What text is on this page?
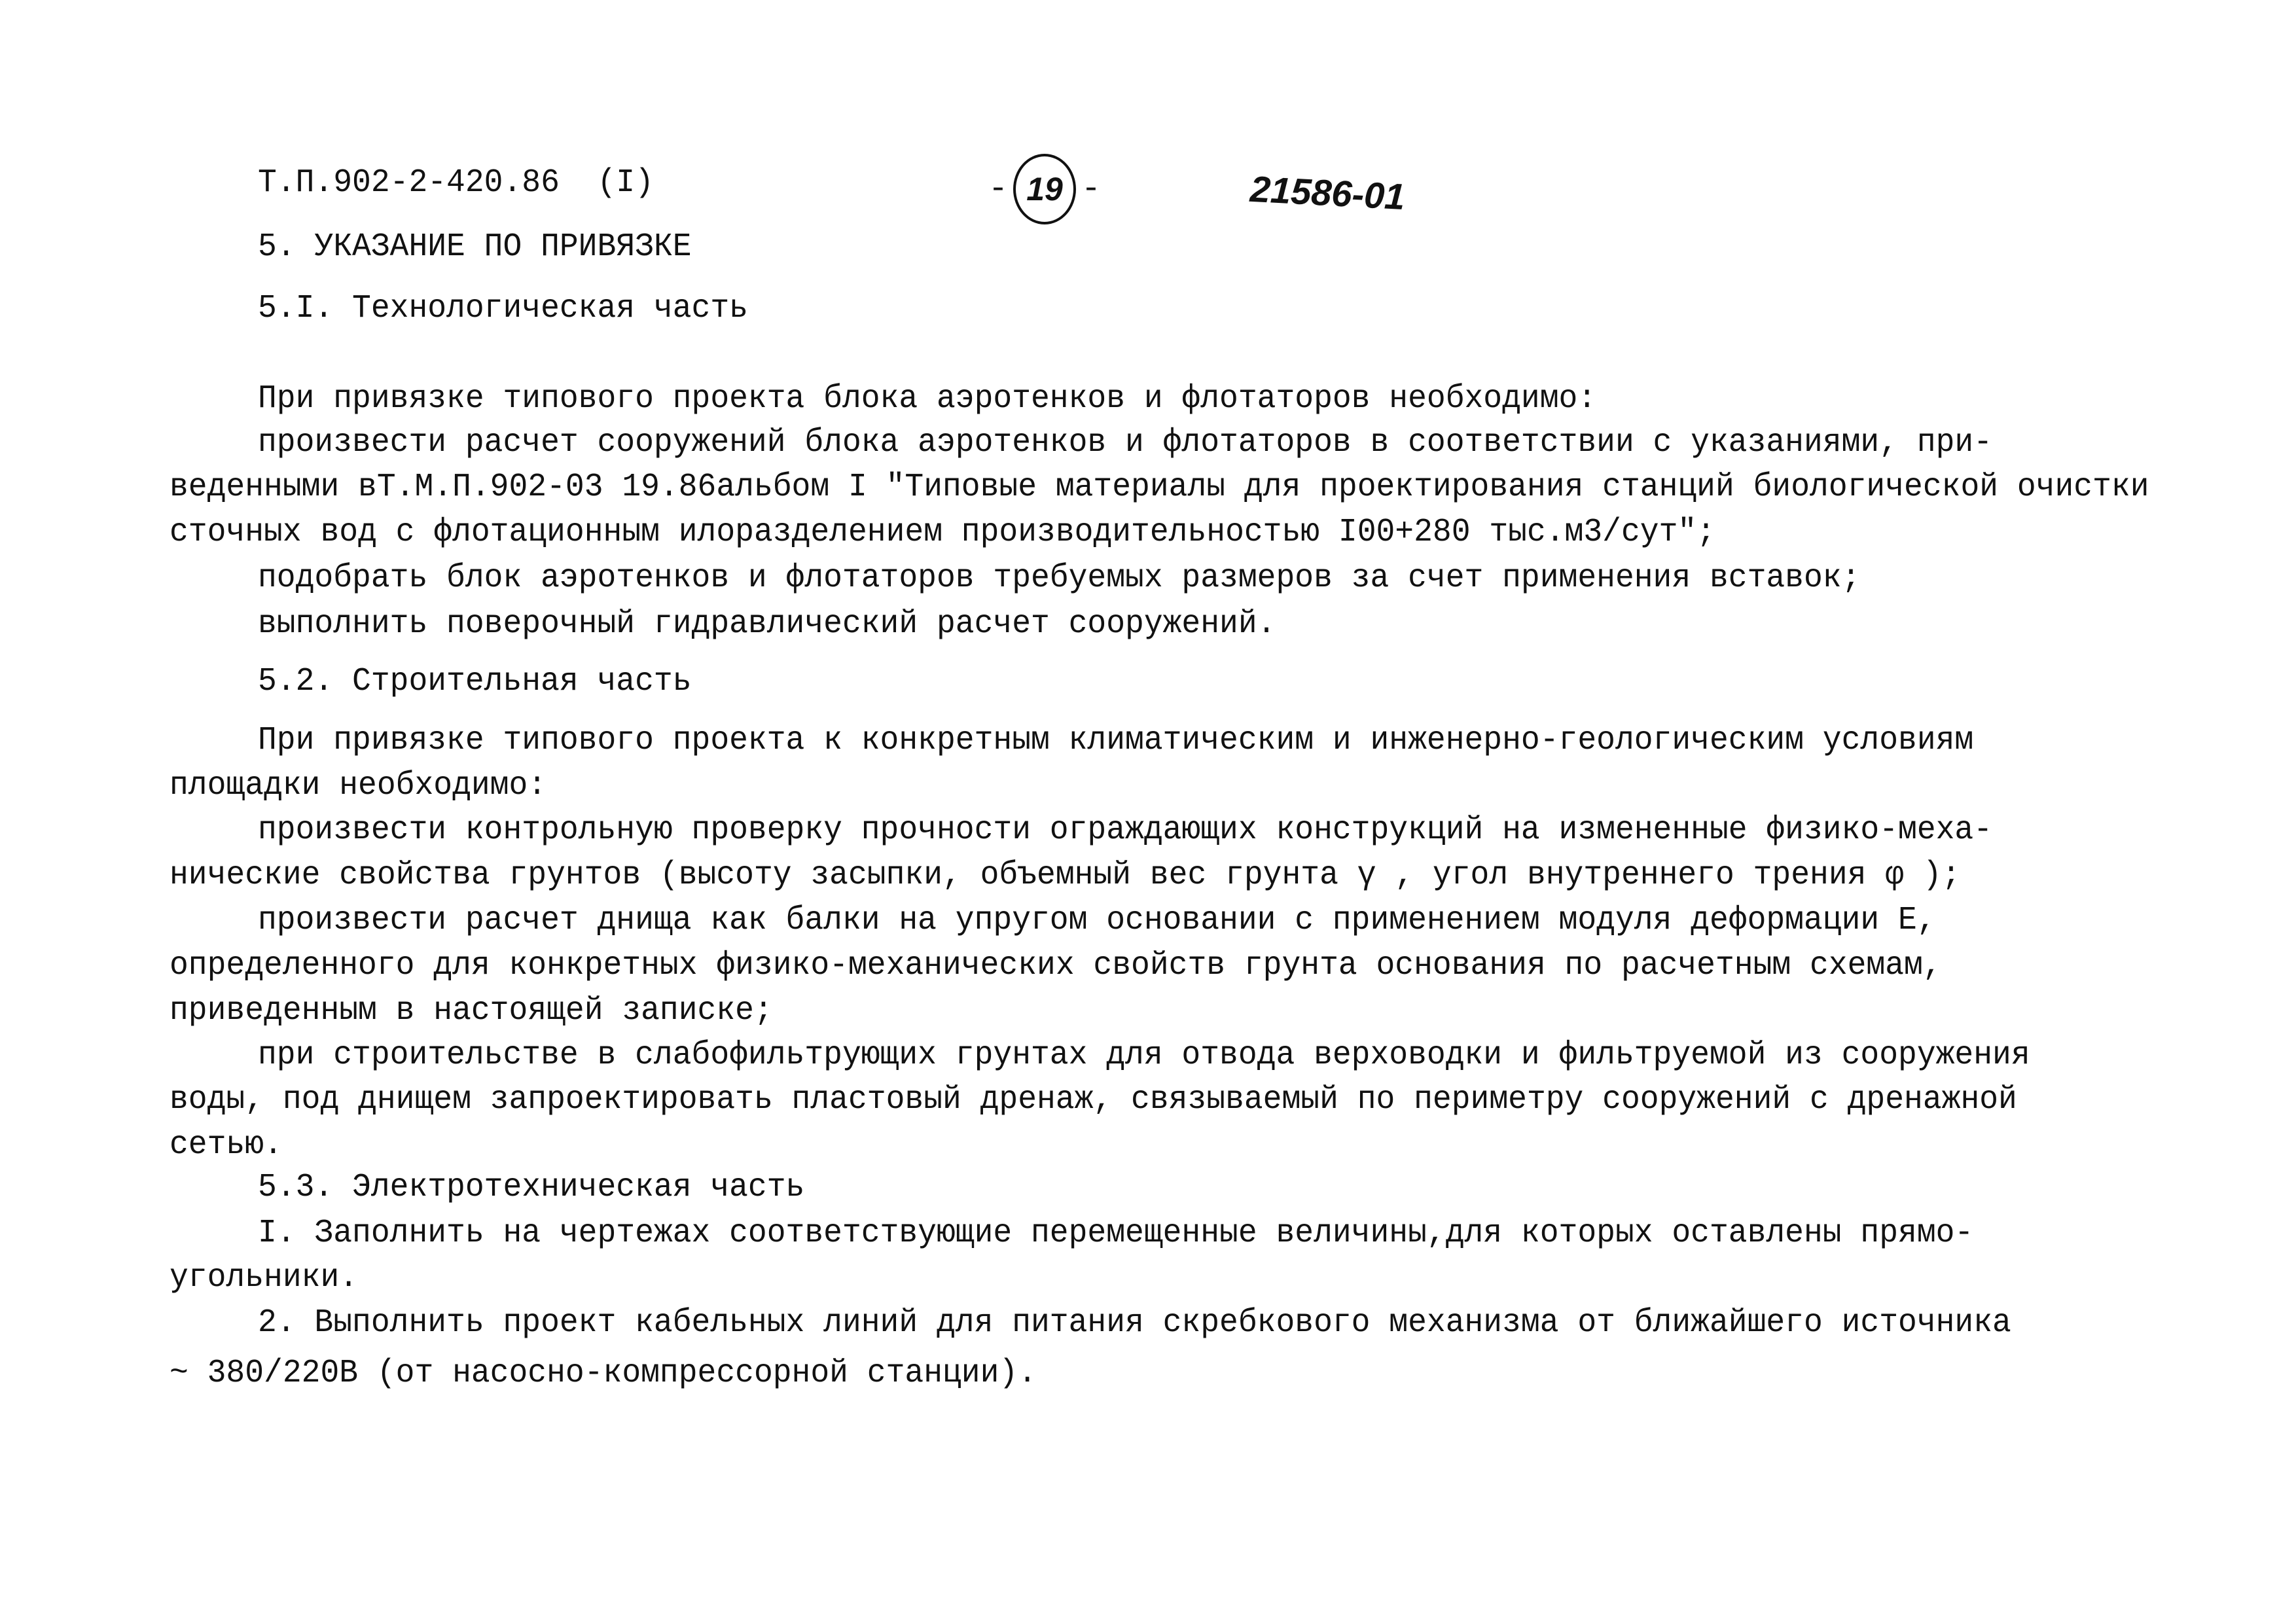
Т.П.902-2-420.86 (I)	- 19 -	21586-01
5. УКАЗАНИЕ ПО ПРИВЯЗКЕ
5.I. Технологическая часть
При привязке типового проекта блока аэротенков и флотаторов необходимо:
произвести расчет сооружений блока аэротенков и флотаторов в соответствии с указаниями, при-
веденными вТ.М.П.902-03 19.86альбом I "Типовые материалы для проектирования станций биологической очистки
сточных вод с флотационным илоразделением производительностью I00+280 тыс.м3/сут";
подобрать блок аэротенков и флотаторов требуемых размеров за счет применения вставок;
выполнить поверочный гидравлический расчет сооружений.
5.2. Строительная часть
При привязке типового проекта к конкретным климатическим и инженерно-геологическим условиям
площадки необходимо:
произвести контрольную проверку прочности ограждающих конструкций на измененные физико-меха-
нические свойства грунтов (высоту засыпки, объемный вес грунта γ , угол внутреннего трения φ );
произвести расчет днища как балки на упругом основании с применением модуля деформации Е,
определенного для конкретных физико-механических свойств грунта основания по расчетным схемам,
приведенным в настоящей записке;
при строительстве в слабофильтрующих грунтах для отвода верховодки и фильтруемой из сооружения
воды, под днищем запроектировать пластовый дренаж, связываемый по периметру сооружений с дренажной
сетью.
5.3. Электротехническая часть
I. Заполнить на чертежах соответствующие перемещенные величины,для которых оставлены прямо-
угольники.
2. Выполнить проект кабельных линий для питания скребкового механизма от ближайшего источника
~ 380/220В (от насосно-компрессорной станции).
